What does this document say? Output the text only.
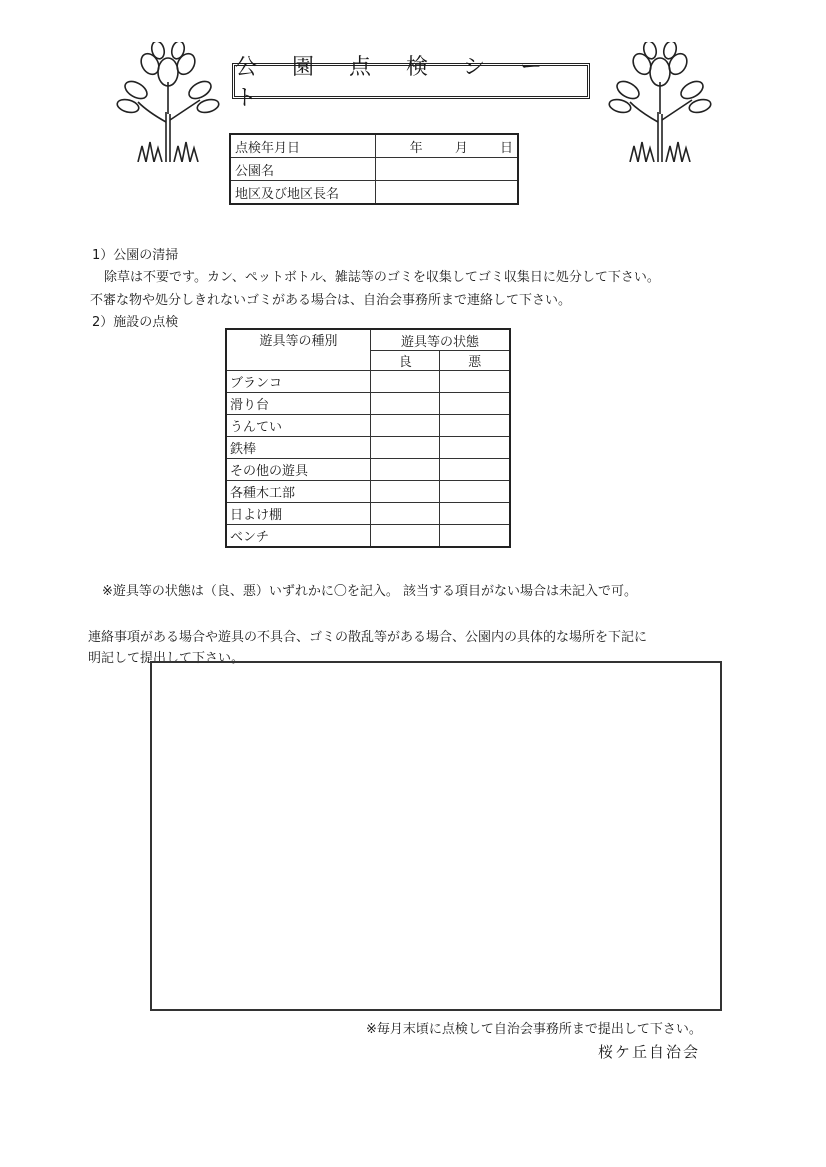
公 園 点 検 シ ー ト
点検年月日	年 月 日
公園名	
地区及び地区長名	
1）公園の清掃
除草は不要です。カン、ペットボトル、雑誌等のゴミを収集してゴミ収集日に処分して下さい。
不審な物や処分しきれないゴミがある場合は、自治会事務所まで連絡して下さい。
2）施設の点検
遊具等の種別	遊具等の状態	
	良	悪
ブランコ		
滑り台		
うんてい		
鉄棒		
その他の遊具		
各種木工部		
日よけ棚		
ベンチ		
※遊具等の状態は（良、悪）いずれかに〇を記入。 該当する項目がない場合は未記入で可。
連絡事項がある場合や遊具の不具合、ゴミの散乱等がある場合、公園内の具体的な場所を下記に
明記して提出して下さい。
※毎月末頃に点検して自治会事務所まで提出して下さい。
桜ケ丘自治会
